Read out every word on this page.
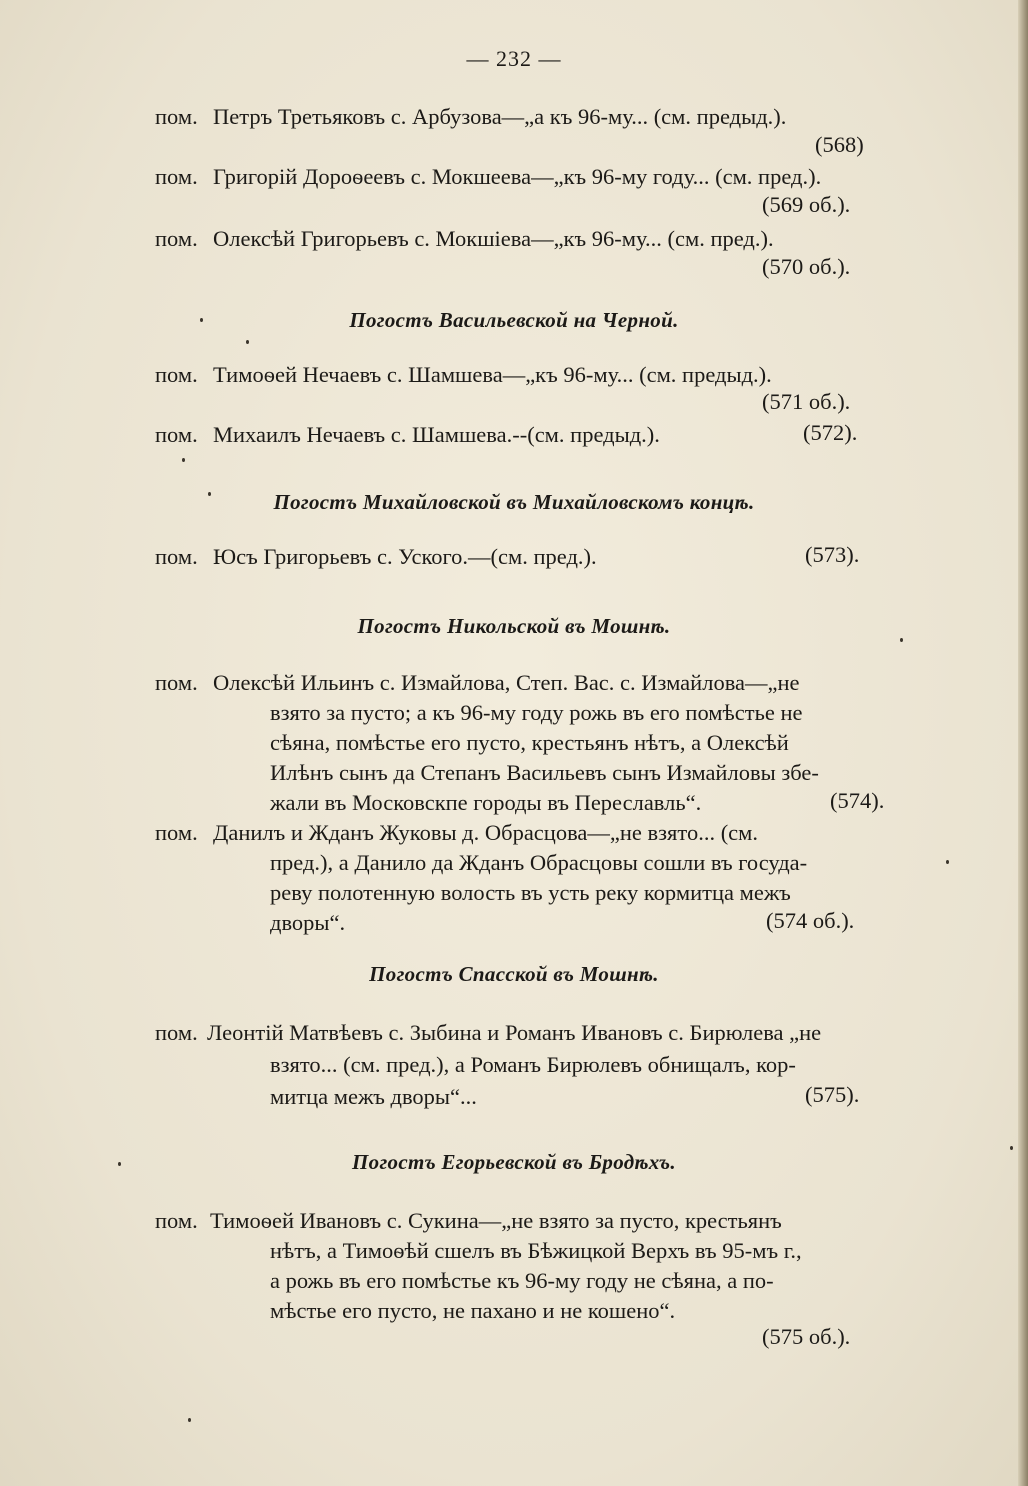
— 232 —
пом. Петръ Третьяковъ с. Арбузова—„а къ 96-му... (см. предыд.).
(568)
пом. Григорій Дороѳеевъ с. Мокшеева—„къ 96-му году... (см. пред.).
(569 об.).
пом. Олексѣй Григорьевъ с. Мокшіева—„къ 96-му... (см. пред.).
(570 об.).
Погостъ Васильевской на Черной.
пом. Тимоѳей Нечаевъ с. Шамшева—„къ 96-му... (см. предыд.).
(571 об.).
пом. Михаилъ Нечаевъ с. Шамшева.--(см. предыд.).	(572).
Погостъ Михайловской въ Михайловскомъ концѣ.
пом. Юсъ Григорьевъ с. Уского.—(см. пред.).	(573).
Погостъ Никольской въ Мошнѣ.
пом. Олексѣй Ильинъ с. Измайлова, Степ. Вас. с. Измайлова—„не
взято за пусто; а къ 96-му году рожь въ его помѣстье не
сѣяна, помѣстье его пусто, крестьянъ нѣтъ, а Олексѣй
Илѣнъ сынъ да Степанъ Васильевъ сынъ Измайловы збе-
жали въ Московскпе городы въ Переславль“.	(574).
пом. Данилъ и Жданъ Жуковы д. Обрасцова—„не взято... (см.
пред.), а Данило да Жданъ Обрасцовы сошли въ госуда-
реву полотенную волость въ усть реку кормитца межъ
дворы“.	(574 об.).
Погостъ Спасской въ Мошнѣ.
пом. Леонтій Матвѣевъ с. Зыбина и Романъ Ивановъ с. Бирюлева „не
взято... (см. пред.), а Романъ Бирюлевъ обнищалъ, кор-
митца межъ дворы“...	(575).
Погостъ Егорьевской въ Бродѣхъ.
пом. Тимоѳей Ивановъ с. Сукина—„не взято за пусто, крестьянъ
нѣтъ, а Тимоѳѣй сшелъ въ Бѣжицкой Верхъ въ 95-мъ г.,
а рожь въ его помѣстье къ 96-му году не сѣяна, а по-
мѣстье его пусто, не пахано и не кошено“.
(575 об.).
